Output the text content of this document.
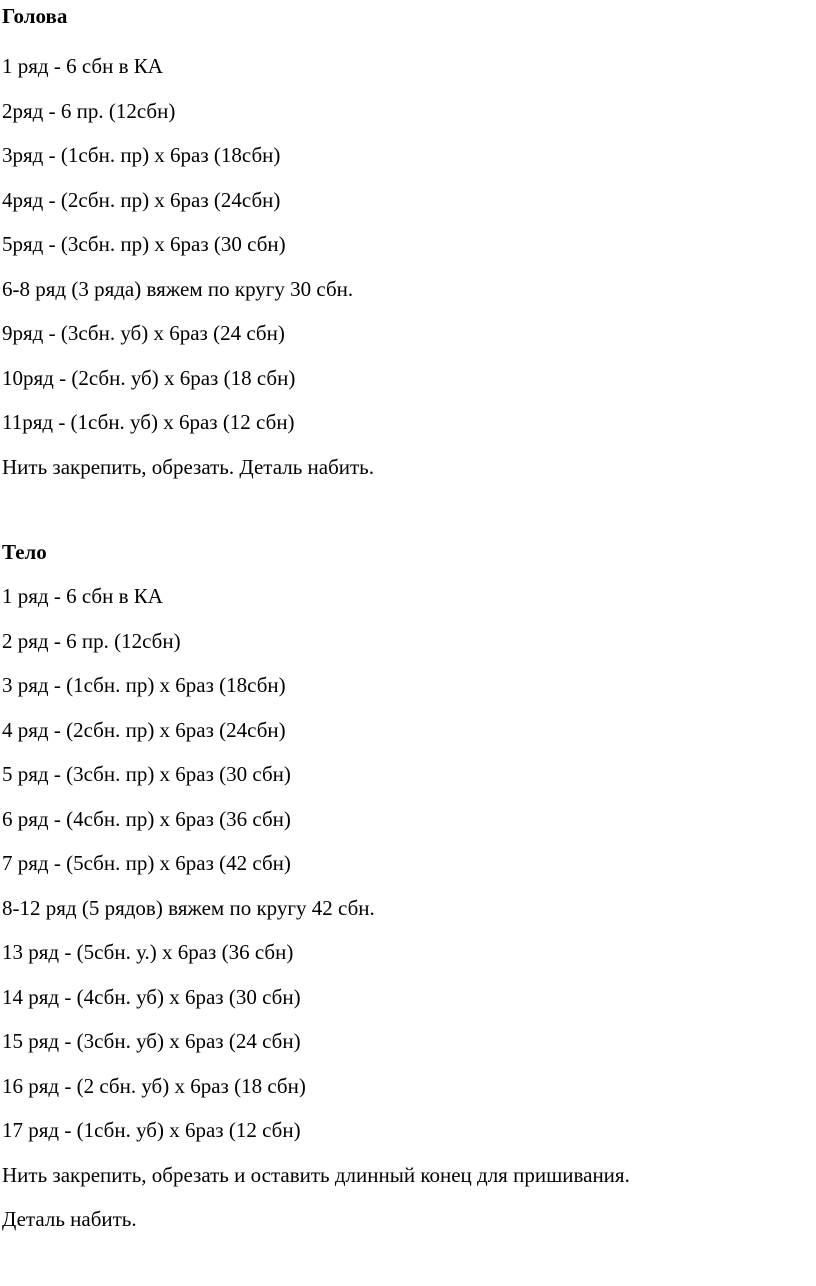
Голова
1 ряд - 6 сбн в КА
2ряд - 6 пр. (12сбн)
3ряд - (1сбн. пр) х 6раз (18сбн)
4ряд - (2сбн. пр) х 6раз (24сбн)
5ряд - (3сбн. пр) х 6раз (30 сбн)
6-8 ряд (3 ряда) вяжем по кругу 30 сбн.
9ряд - (3сбн. уб) х 6раз (24 сбн)
10ряд - (2сбн. уб) х 6раз (18 сбн)
11ряд - (1сбн. уб) х 6раз (12 сбн)
Нить закрепить, обрезать. Деталь набить.
Тело
1 ряд - 6 сбн в КА
2 ряд - 6 пр. (12сбн)
3 ряд - (1сбн. пр) х 6раз (18сбн)
4 ряд - (2сбн. пр) х 6раз (24сбн)
5 ряд - (3сбн. пр) х 6раз (30 сбн)
6 ряд - (4сбн. пр) х 6раз (36 сбн)
7 ряд - (5сбн. пр) х 6раз (42 сбн)
8-12 ряд (5 рядов) вяжем по кругу 42 сбн.
13 ряд - (5сбн. у.) х 6раз (36 сбн)
14 ряд - (4сбн. уб) х 6раз (30 сбн)
15 ряд - (3сбн. уб) х 6раз (24 сбн)
16 ряд - (2 сбн. уб) х 6раз (18 сбн)
17 ряд - (1сбн. уб) х 6раз (12 сбн)
Нить закрепить, обрезать и оставить длинный конец для пришивания.
Деталь набить.
